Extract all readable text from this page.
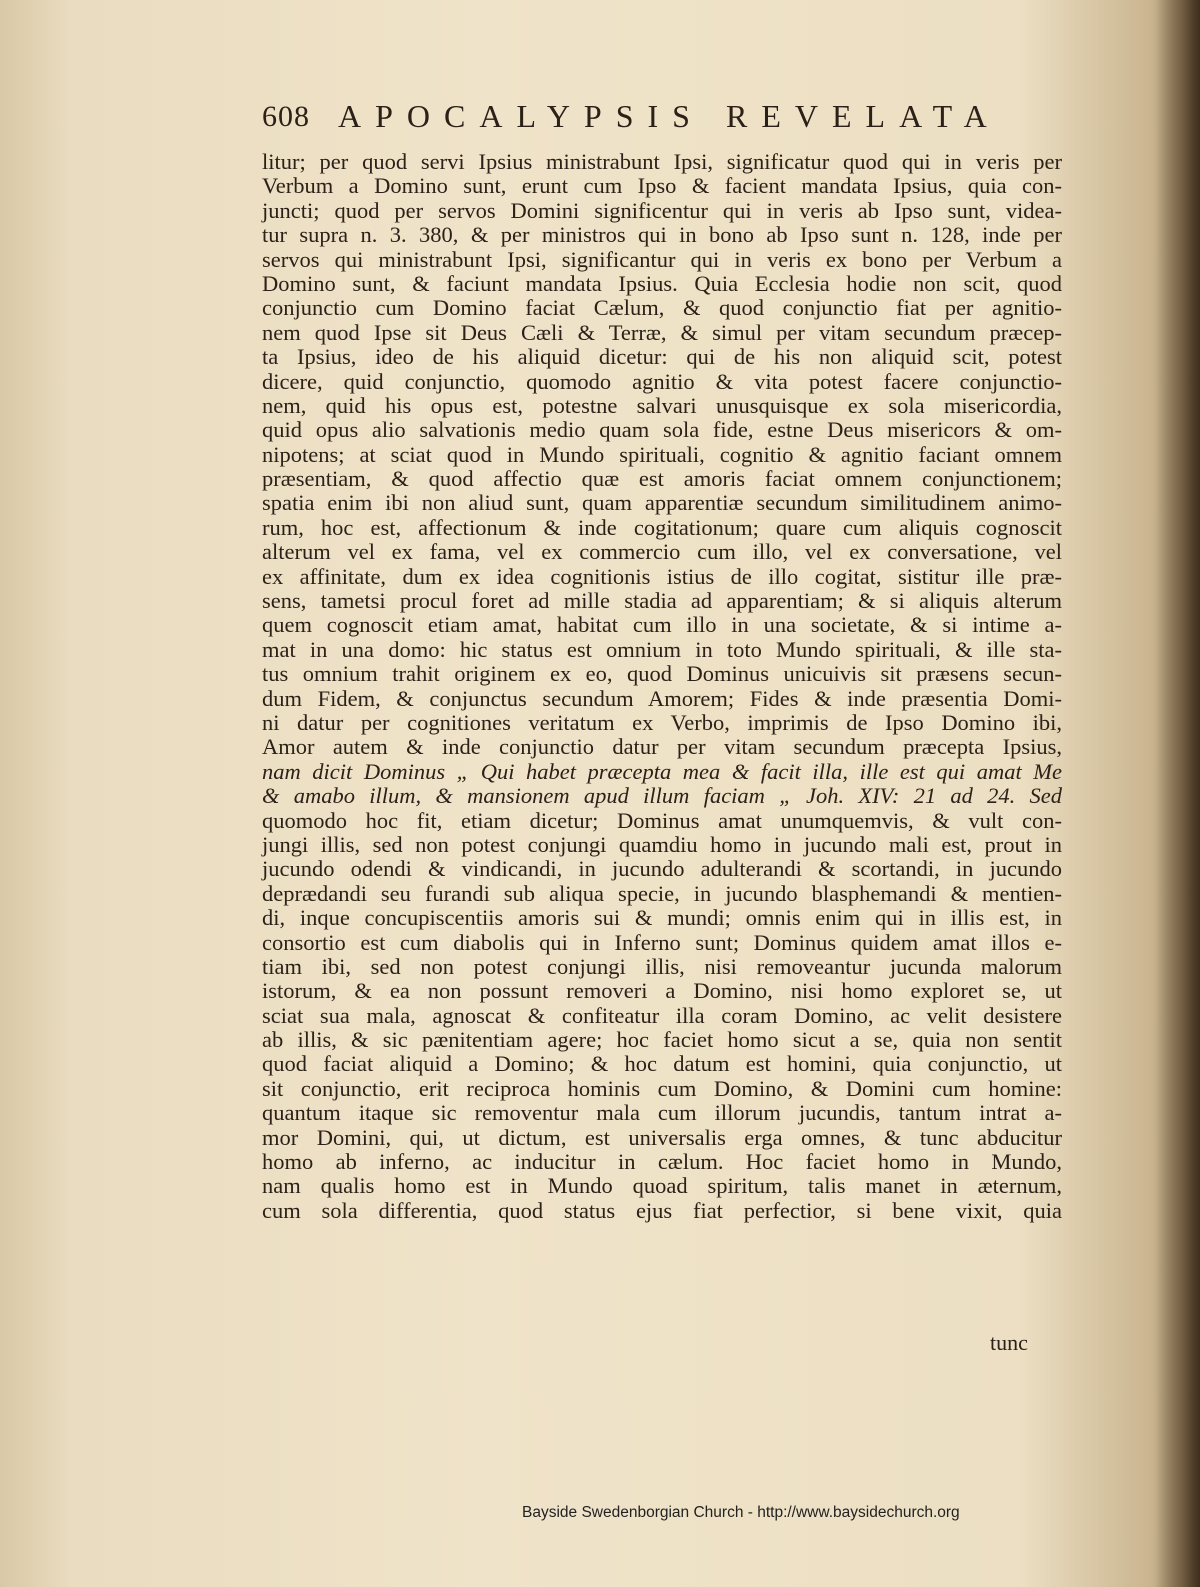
608 APOCALYPSIS REVELATA
litur; per quod servi Ipsius ministrabunt Ipsi, significatur quod qui in veris per
Verbum a Domino sunt, erunt cum Ipso & facient mandata Ipsius, quia con-
juncti; quod per servos Domini significentur qui in veris ab Ipso sunt, videa-
tur supra n. 3. 380, & per ministros qui in bono ab Ipso sunt n. 128, inde per
servos qui ministrabunt Ipsi, significantur qui in veris ex bono per Verbum a
Domino sunt, & faciunt mandata Ipsius. Quia Ecclesia hodie non scit, quod
conjunctio cum Domino faciat Cælum, & quod conjunctio fiat per agnitio-
nem quod Ipse sit Deus Cæli & Terræ, & simul per vitam secundum præcep-
ta Ipsius, ideo de his aliquid dicetur: qui de his non aliquid scit, potest
dicere, quid conjunctio, quomodo agnitio & vita potest facere conjunctio-
nem, quid his opus est, potestne salvari unusquisque ex sola misericordia,
quid opus alio salvationis medio quam sola fide, estne Deus misericors & om-
nipotens; at sciat quod in Mundo spirituali, cognitio & agnitio faciant omnem
præsentiam, & quod affectio quæ est amoris faciat omnem conjunctionem;
spatia enim ibi non aliud sunt, quam apparentiæ secundum similitudinem animo-
rum, hoc est, affectionum & inde cogitationum; quare cum aliquis cognoscit
alterum vel ex fama, vel ex commercio cum illo, vel ex conversatione, vel
ex affinitate, dum ex idea cognitionis istius de illo cogitat, sistitur ille præ-
sens, tametsi procul foret ad mille stadia ad apparentiam; & si aliquis alterum
quem cognoscit etiam amat, habitat cum illo in una societate, & si intime a-
mat in una domo: hic status est omnium in toto Mundo spirituali, & ille sta-
tus omnium trahit originem ex eo, quod Dominus unicuivis sit præsens secun-
dum Fidem, & conjunctus secundum Amorem; Fides & inde præsentia Domi-
ni datur per cognitiones veritatum ex Verbo, imprimis de Ipso Domino ibi,
Amor autem & inde conjunctio datur per vitam secundum præcepta Ipsius,
nam dicit Dominus „ Qui habet præcepta mea & facit illa, ille est qui amat Me
& amabo illum, & mansionem apud illum faciam „ Joh. XIV: 21 ad 24. Sed
quomodo hoc fit, etiam dicetur; Dominus amat unumquemvis, & vult con-
jungi illis, sed non potest conjungi quamdiu homo in jucundo mali est, prout in
jucundo odendi & vindicandi, in jucundo adulterandi & scortandi, in jucundo
deprædandi seu furandi sub aliqua specie, in jucundo blasphemandi & mentien-
di, inque concupiscentiis amoris sui & mundi; omnis enim qui in illis est, in
consortio est cum diabolis qui in Inferno sunt; Dominus quidem amat illos e-
tiam ibi, sed non potest conjungi illis, nisi removeantur jucunda malorum
istorum, & ea non possunt removeri a Domino, nisi homo exploret se, ut
sciat sua mala, agnoscat & confiteatur illa coram Domino, ac velit desistere
ab illis, & sic pænitentiam agere; hoc faciet homo sicut a se, quia non sentit
quod faciat aliquid a Domino; & hoc datum est homini, quia conjunctio, ut
sit conjunctio, erit reciproca hominis cum Domino, & Domini cum homine:
quantum itaque sic removentur mala cum illorum jucundis, tantum intrat a-
mor Domini, qui, ut dictum, est universalis erga omnes, & tunc abducitur
homo ab inferno, ac inducitur in cælum. Hoc faciet homo in Mundo,
nam qualis homo est in Mundo quoad spiritum, talis manet in æternum,
cum sola differentia, quod status ejus fiat perfectior, si bene vixit, quia
tunc
Bayside Swedenborgian Church - http://www.baysidechurch.org
